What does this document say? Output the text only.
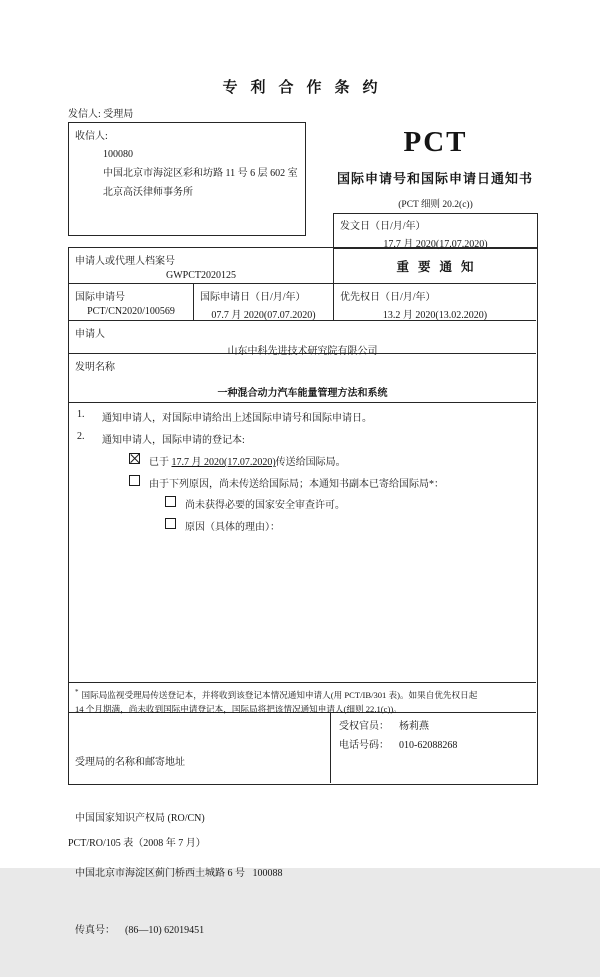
专利合作条约
发信人: 受理局
收信人:
100080
中国北京市海淀区彩和坊路 11 号 6 层 602 室
北京高沃律师事务所
PCT
国际申请号和国际申请日通知书
(PCT 细则 20.2(c))
发文日（日/月/年）
17.7 月 2020(17.07.2020)
申请人或代理人档案号
GWPCT2020125
重要通知
国际申请号
PCT/CN2020/100569
国际申请日（日/月/年）
07.7 月 2020(07.07.2020)
优先权日（日/月/年）
13.2 月 2020(13.02.2020)
申请人
山东中科先进技术研究院有限公司
发明名称
一种混合动力汽车能量管理方法和系统
1.	通知申请人，对国际申请给出上述国际申请号和国际申请日。
2.	通知申请人，国际申请的登记本:
已于 17.7 月 2020(17.07.2020)传送给国际局。
由于下列原因，尚未传送给国际局；本通知书副本已寄给国际局*：
尚未获得必要的国家安全审查许可。
原因（具体的理由）：
* 国际局监视受理局传送登记本，并将收到该登记本情况通知申请人(用 PCT/IB/301 表)。如果自优先权日起
14 个月期满，尚未收到国际申请登记本，国际局将把该情况通知申请人(细则 22.1(c))。

受理局的名称和邮寄地址

中国国家知识产权局 (RO/CN)

中国北京市海淀区蓟门桥西土城路 6 号   100088

传真号： (86—10) 62019451

受权官员： 杨莉燕
电话号码： 010-62088268
PCT/RO/105 表（2008 年 7 月）
